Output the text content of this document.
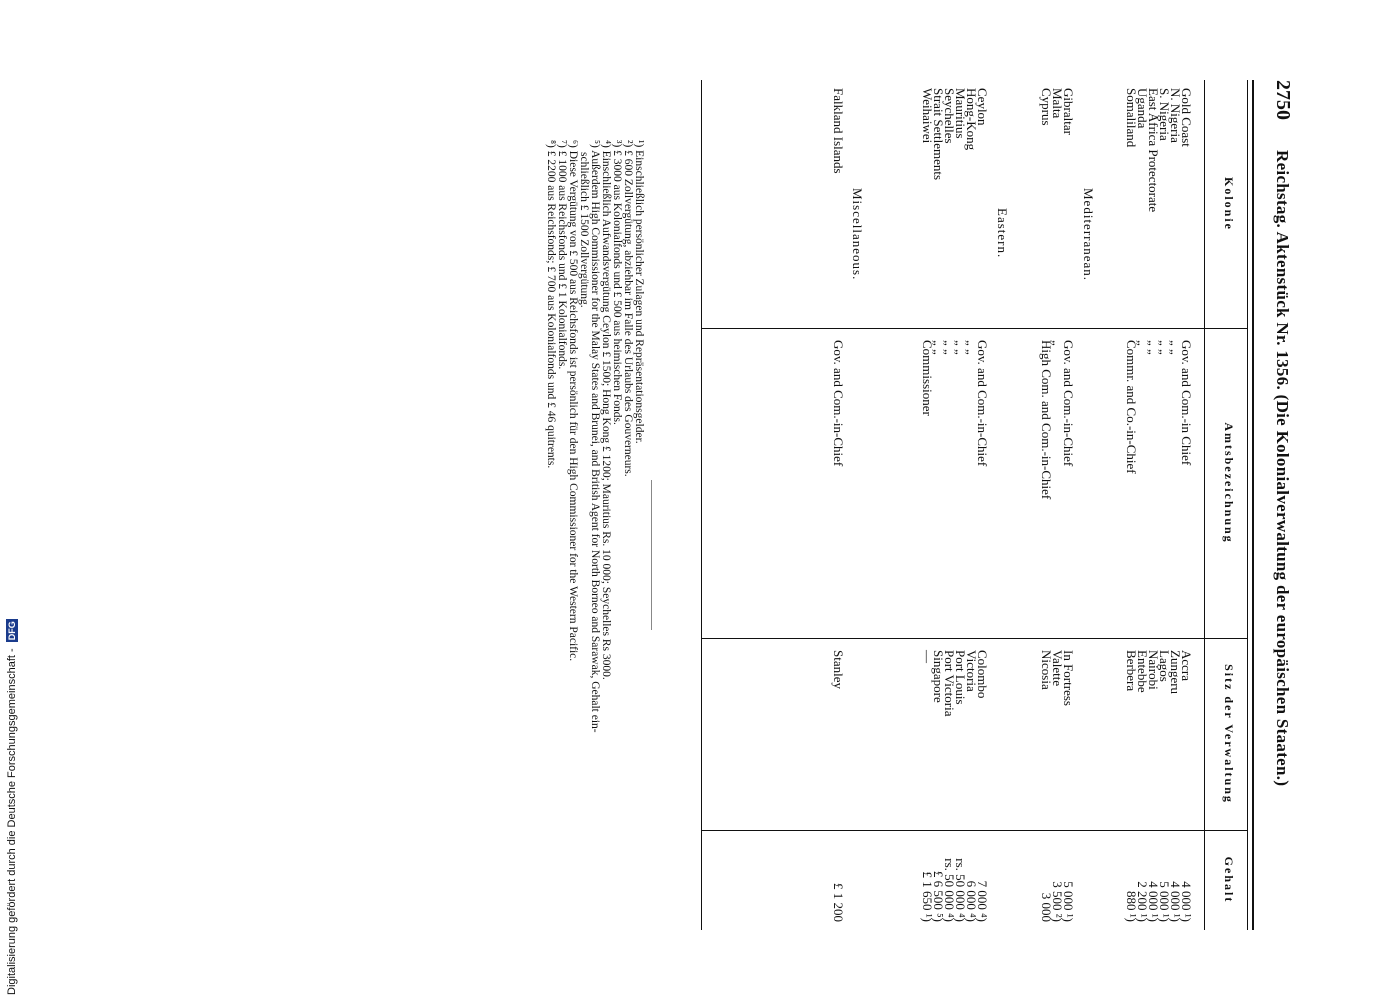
2750
Reichstag. Aktenstück Nr. 1356. (Die Kolonialverwaltung der europäischen Staaten.)
Kolonie
Amtsbezeichnung
Sitz der Verwaltung
Gehalt
Gold Coast
Gov. and Com.-in Chief
Accra
4 000 ¹)
N. Nigeria
„ „
Zungeru
4 000 ¹)
S. Nigeria
„ „
Lagos
5 000 ¹)
East Africa Protectorate
„ „
Nairobi
4 000 ¹)
Uganda
„
Entebbe
2 200 ¹)
Somaliland
Commr. and Co.-in-Chief
Berbera
880 ¹)
Gibraltar
Gov. and Com.-in-Chief
In Fortress
5 000 ¹)
Malta
„
Valette
3 500 ²)
Cyprus
High Com. and Com.-in-Chief
Nicosia
3 000
Ceylon
Gov. and Com.-in-Chief
Colombo
7 000 ⁴)
Hong-Kong
„ „
Victoria
6 000 ⁴)
Mauritius
„ „
Port Louis
rs. 50 000 ⁴)
Seychelles
„ „
Port Victoria
rs. 50 000 ⁴)
Strait Settlements
„ „
Singapore
£ 6 500 ⁵)
Weihaiwei
Commissioner
—
£ 1 650 ¹)
Falkland Islands
Gov. and Com.-in-Chief
Stanley
£ 1 200
Mediterranean.
Eastern.
Miscellaneous.
¹) Einschließlich persönlicher Zulagen und Repräsentationsgelder.
²) £ 600 Zollvergütung, abziehbar im Falle des Urlaubs des Gouverneurs.
³) £ 3000 aus Kolonialfonds und £ 500 aus heimischen Fonds.
⁴) Einschließlich Aufwandsvergütung Ceylon £ 1500; Hong Kong £ 1200; Mauritius Rs. 10 000; Seychelles Rs 3000.
⁵) Außerdem High Commissioner for the Malay States and Brunei, and British Agent for North Borneo and Sarawak, Gehalt ein-
schließlich £ 1500 Zollvergütung.
⁶) Diese Vergütung von £ 500 aus Reichsfonds ist persönlich für den High Commissioner for the Western Pacific.
⁷) £ 1000 aus Reichsfonds und £ 1 Kolonialfonds.
⁸) £ 2200 aus Reichsfonds; £ 700 aus Kolonialfonds und £ 46 quitrents.
Digitalisierung gefördert durch die Deutsche Forschungsgemeinschaft - DFG
